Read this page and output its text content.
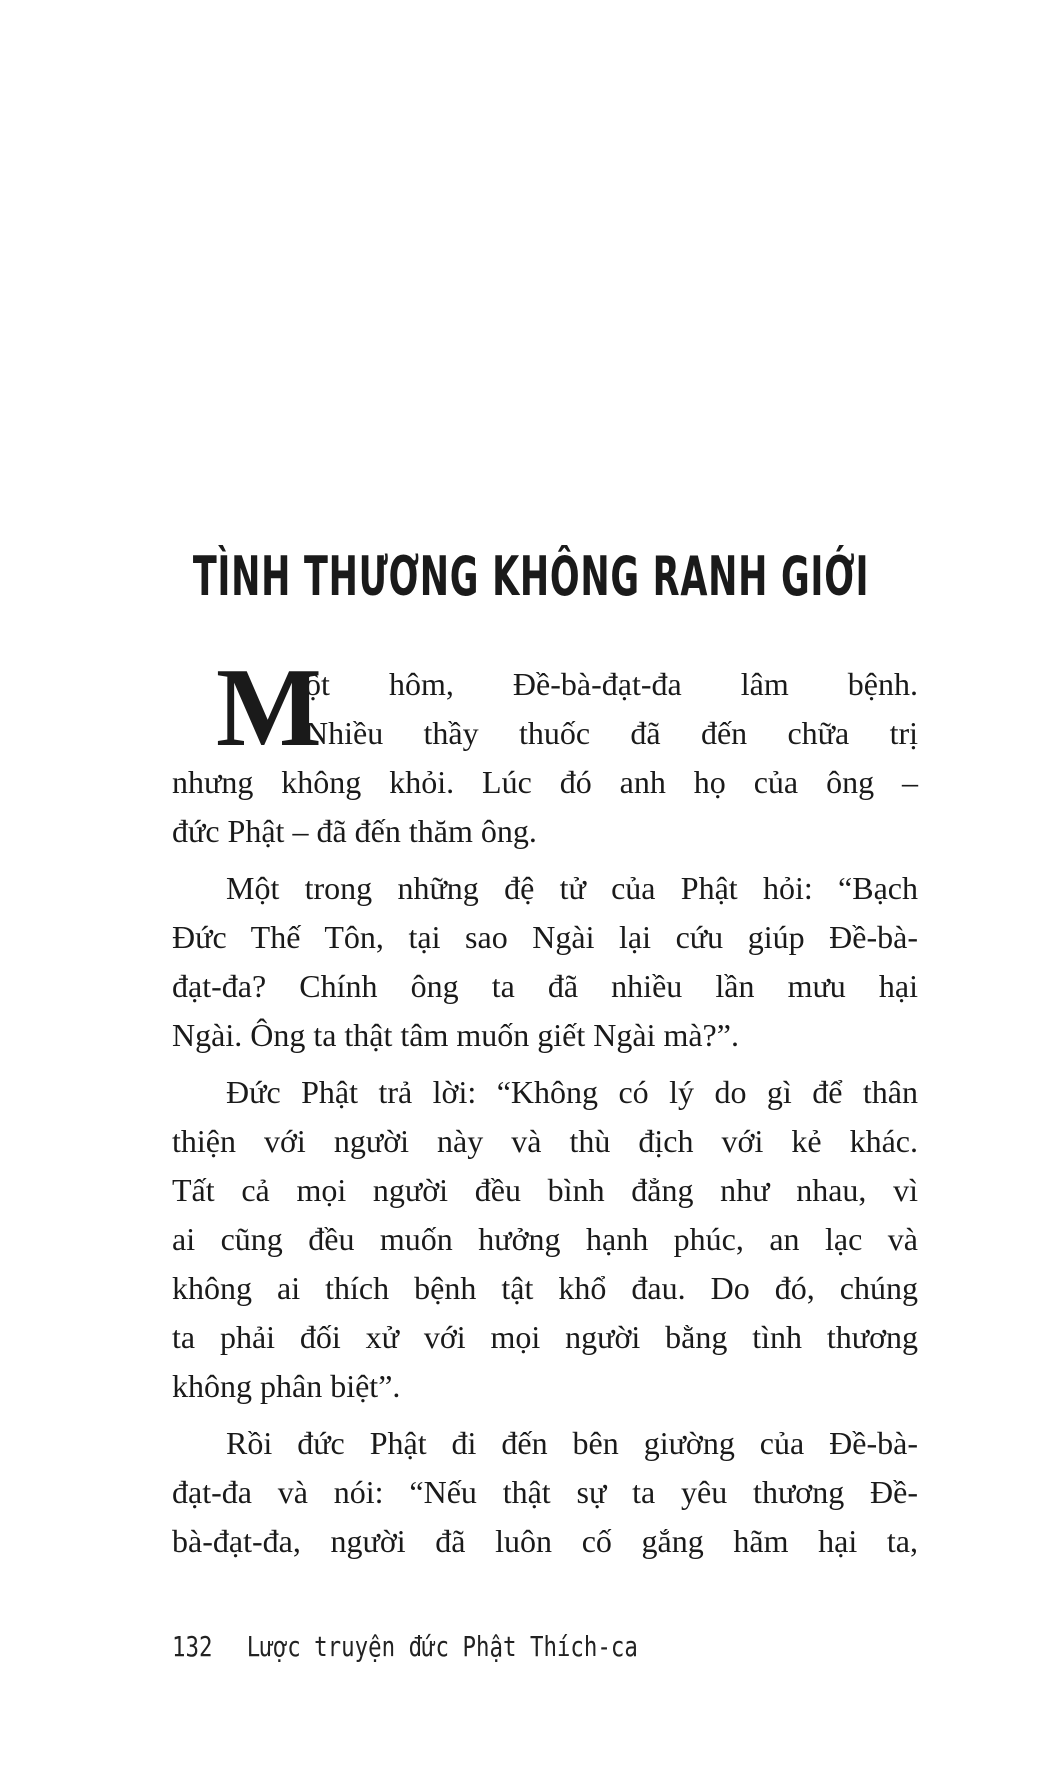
TÌNH THƯƠNG KHÔNG RANH GIỚI
M
ột hôm, Đề-bà-đạt-đa lâm bệnh.
Nhiều thầy thuốc đã đến chữa trị
nhưng không khỏi. Lúc đó anh họ của ông –
đức Phật – đã đến thăm ông.
Một trong những đệ tử của Phật hỏi: “Bạch
Đức Thế Tôn, tại sao Ngài lại cứu giúp Đề-bà-
đạt-đa? Chính ông ta đã nhiều lần mưu hại
Ngài. Ông ta thật tâm muốn giết Ngài mà?”.
Đức Phật trả lời: “Không có lý do gì để thân
thiện với người này và thù địch với kẻ khác.
Tất cả mọi người đều bình đẳng như nhau, vì
ai cũng đều muốn hưởng hạnh phúc, an lạc và
không ai thích bệnh tật khổ đau. Do đó, chúng
ta phải đối xử với mọi người bằng tình thương
không phân biệt”.
Rồi đức Phật đi đến bên giường của Đề-bà-
đạt-đa và nói: “Nếu thật sự ta yêu thương Đề-
bà-đạt-đa, người đã luôn cố gắng hãm hại ta,
132 Lược truyện đức Phật Thích-ca
